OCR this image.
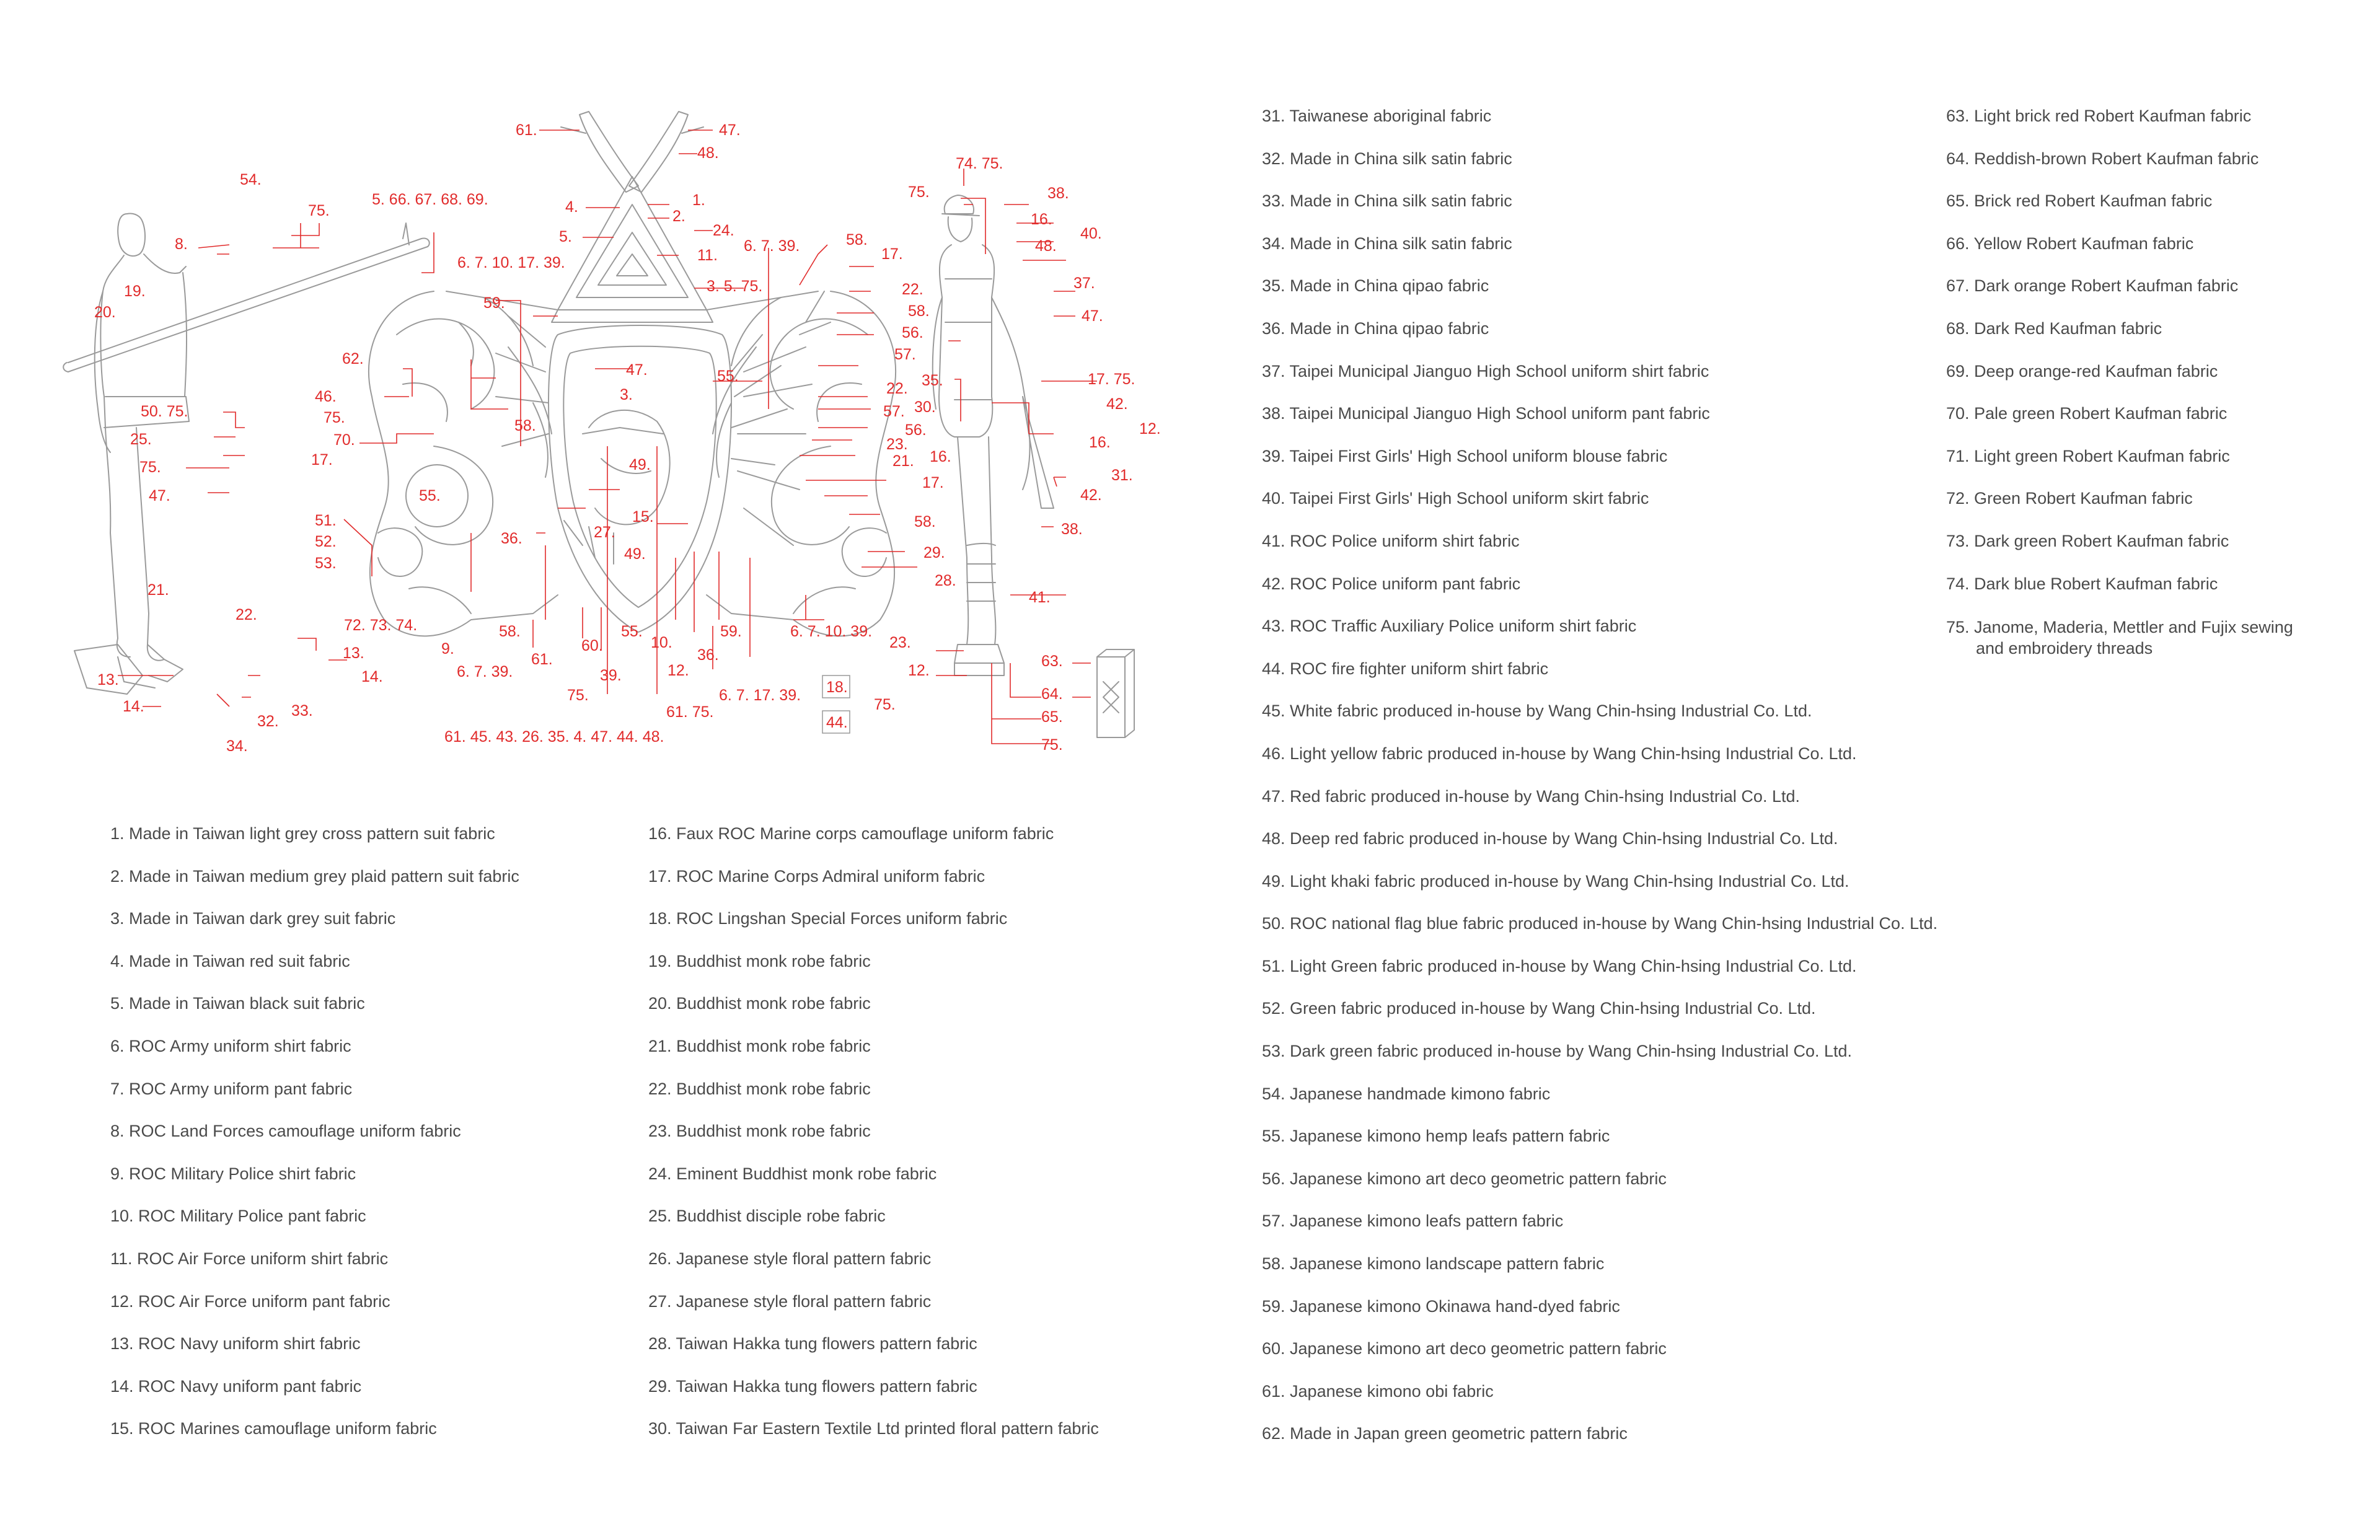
61.	47.
48.
54.
75.
5. 66. 67. 68. 69.
8.
19.
20.
4.	1.
2.
5.	24.
11.
3. 5. 75.
6. 7. 10. 17. 39.
6. 7. 39.	58.
17.
59.
62.
47.
3.
55.
22.
58.
56.
57.
46.
75.
70.
17.
58.
49.
22.
57.
56.
23.
21.
50. 75.
25.
75.
47.	55.
51.
52.
53.
36.	27.
15.
49.
17.
58.
29.
28.
21.
22.
72. 73. 74.
9.
6. 7. 39.
58.
61.
60.
39.
55.
10.
12.
59.
36.
6. 7. 10. 39.
75.
61. 75.
6. 7. 17. 39.
61. 45. 43. 26. 35. 4. 47. 44. 48.
13.
14.
13.
14.
32.
33.
34.
74. 75.
75.	38.
16.
40.
48.
37.
47.
35.
30.
17. 75.
42.
12.
16.
16.
31.
42.
38.
41.
18.
44.
75.
23.
12.
63.
64.
65.
75.
1. Made in Taiwan light grey cross pattern suit fabric
2. Made in Taiwan medium grey plaid pattern suit fabric
3. Made in Taiwan dark grey suit fabric
4. Made in Taiwan red suit fabric
5. Made in Taiwan black suit fabric
6. ROC Army uniform shirt fabric
7. ROC Army uniform pant fabric
8. ROC Land Forces camouflage uniform fabric
9. ROC Military Police shirt fabric
10. ROC Military Police pant fabric
11. ROC Air Force uniform shirt fabric
12. ROC Air Force uniform pant fabric
13. ROC Navy uniform shirt fabric
14. ROC Navy uniform pant fabric
15. ROC Marines camouflage uniform fabric
16. Faux ROC Marine corps camouflage uniform fabric
17. ROC Marine Corps Admiral uniform fabric
18. ROC Lingshan Special Forces uniform fabric
19. Buddhist monk robe fabric
20. Buddhist monk robe fabric
21. Buddhist monk robe fabric
22. Buddhist monk robe fabric
23. Buddhist monk robe fabric
24. Eminent Buddhist monk robe fabric
25. Buddhist disciple robe fabric
26. Japanese style floral pattern fabric
27. Japanese style floral pattern fabric
28. Taiwan Hakka tung flowers pattern fabric
29. Taiwan Hakka tung flowers pattern fabric
30. Taiwan Far Eastern Textile Ltd printed floral pattern fabric
31. Taiwanese aboriginal fabric
32. Made in China silk satin fabric
33. Made in China silk satin fabric
34. Made in China silk satin fabric
35. Made in China qipao fabric
36. Made in China qipao fabric
37. Taipei Municipal Jianguo High School uniform shirt fabric
38. Taipei Municipal Jianguo High School uniform pant fabric
39. Taipei First Girls' High School uniform blouse fabric
40. Taipei First Girls' High School uniform skirt fabric
41. ROC Police uniform shirt fabric
42. ROC Police uniform pant fabric
43. ROC Traffic Auxiliary Police uniform shirt fabric
44. ROC fire fighter uniform shirt fabric
45. White fabric produced in-house by Wang Chin-hsing Industrial Co. Ltd.
46. Light yellow fabric produced in-house by Wang Chin-hsing Industrial Co. Ltd.
47. Red fabric produced in-house by Wang Chin-hsing Industrial Co. Ltd.
48. Deep red fabric produced in-house by Wang Chin-hsing Industrial Co. Ltd.
49. Light khaki fabric produced in-house by Wang Chin-hsing Industrial Co. Ltd.
50. ROC national flag blue fabric produced in-house by Wang Chin-hsing Industrial Co. Ltd.
51. Light Green fabric produced in-house by Wang Chin-hsing Industrial Co. Ltd.
52. Green fabric produced in-house by Wang Chin-hsing Industrial Co. Ltd.
53. Dark green fabric produced in-house by Wang Chin-hsing Industrial Co. Ltd.
54. Japanese handmade kimono fabric
55. Japanese kimono hemp leafs pattern fabric
56. Japanese kimono art deco geometric pattern fabric
57. Japanese kimono leafs pattern fabric
58. Japanese kimono landscape pattern fabric
59. Japanese kimono Okinawa hand-dyed fabric
60. Japanese kimono art deco geometric pattern fabric
61. Japanese kimono obi fabric
62. Made in Japan green geometric pattern fabric
63. Light brick red Robert Kaufman fabric
64. Reddish-brown Robert Kaufman fabric
65. Brick red Robert Kaufman fabric
66. Yellow Robert Kaufman fabric
67. Dark orange Robert Kaufman fabric
68. Dark Red Kaufman fabric
69. Deep orange-red Kaufman fabric
70. Pale green Robert Kaufman fabric
71. Light green Robert Kaufman fabric
72. Green Robert Kaufman fabric
73. Dark green Robert Kaufman fabric
74. Dark blue Robert Kaufman fabric
75. Janome, Maderia, Mettler and Fujix sewing and embroidery threads
